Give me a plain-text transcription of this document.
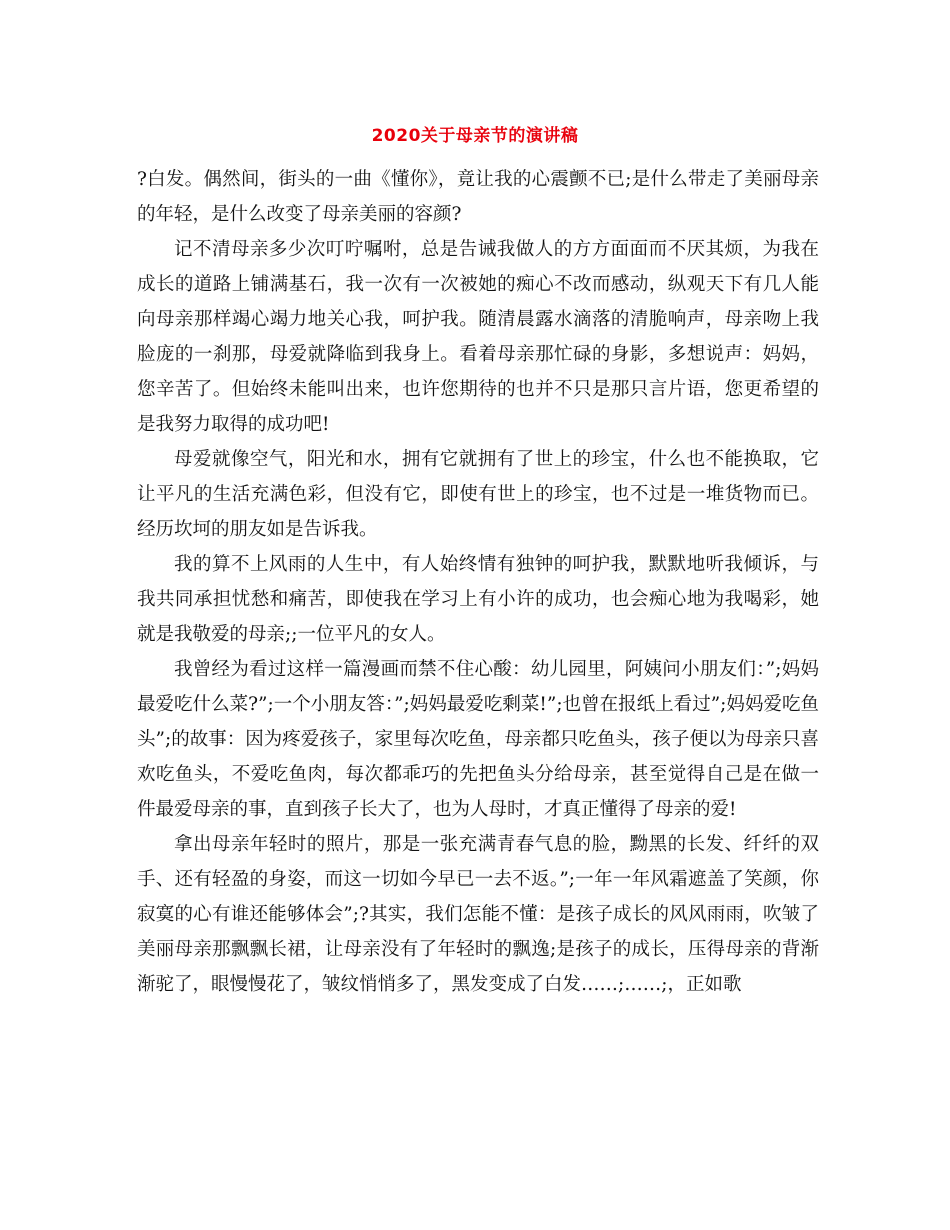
2020关于母亲节的演讲稿

?白发。偶然间，街头的一曲《懂你》，竟让我的心震颤不已;是什么带走了美丽母亲的年轻，是什么改变了母亲美丽的容颜?

记不清母亲多少次叮咛嘱咐，总是告诫我做人的方方面面而不厌其烦，为我在成长的道路上铺满基石，我一次有一次被她的痴心不改而感动，纵观天下有几人能向母亲那样竭心竭力地关心我，呵护我。随清晨露水滴落的清脆响声，母亲吻上我脸庞的一刹那，母爱就降临到我身上。看着母亲那忙碌的身影，多想说声：妈妈，您辛苦了。但始终未能叫出来，也许您期待的也并不只是那只言片语，您更希望的是我努力取得的成功吧!

母爱就像空气，阳光和水，拥有它就拥有了世上的珍宝，什么也不能换取，它让平凡的生活充满色彩，但没有它，即使有世上的珍宝，也不过是一堆货物而已。经历坎坷的朋友如是告诉我。

我的算不上风雨的人生中，有人始终情有独钟的呵护我，默默地听我倾诉，与我共同承担忧愁和痛苦，即使我在学习上有小许的成功，也会痴心地为我喝彩，她就是我敬爱的母亲;;一位平凡的女人。

我曾经为看过这样一篇漫画而禁不住心酸：幼儿园里，阿姨问小朋友们：”;妈妈最爱吃什么菜?”;一个小朋友答：”;妈妈最爱吃剩菜!”;也曾在报纸上看过”;妈妈爱吃鱼头”;的故事：因为疼爱孩子，家里每次吃鱼，母亲都只吃鱼头，孩子便以为母亲只喜欢吃鱼头，不爱吃鱼肉，每次都乖巧的先把鱼头分给母亲，甚至觉得自己是在做一件最爱母亲的事，直到孩子长大了，也为人母时，才真正懂得了母亲的爱!

拿出母亲年轻时的照片，那是一张充满青春气息的脸，黝黑的长发、纤纤的双手、还有轻盈的身姿，而这一切如今早已一去不返。”;一年一年风霜遮盖了笑颜，你寂寞的心有谁还能够体会”;?其实，我们怎能不懂：是孩子成长的风风雨雨，吹皱了美丽母亲那飘飘长裙，让母亲没有了年轻时的飘逸;是孩子的成长，压得母亲的背渐渐驼了，眼慢慢花了，皱纹悄悄多了，黑发变成了白发……;……;，正如歌
